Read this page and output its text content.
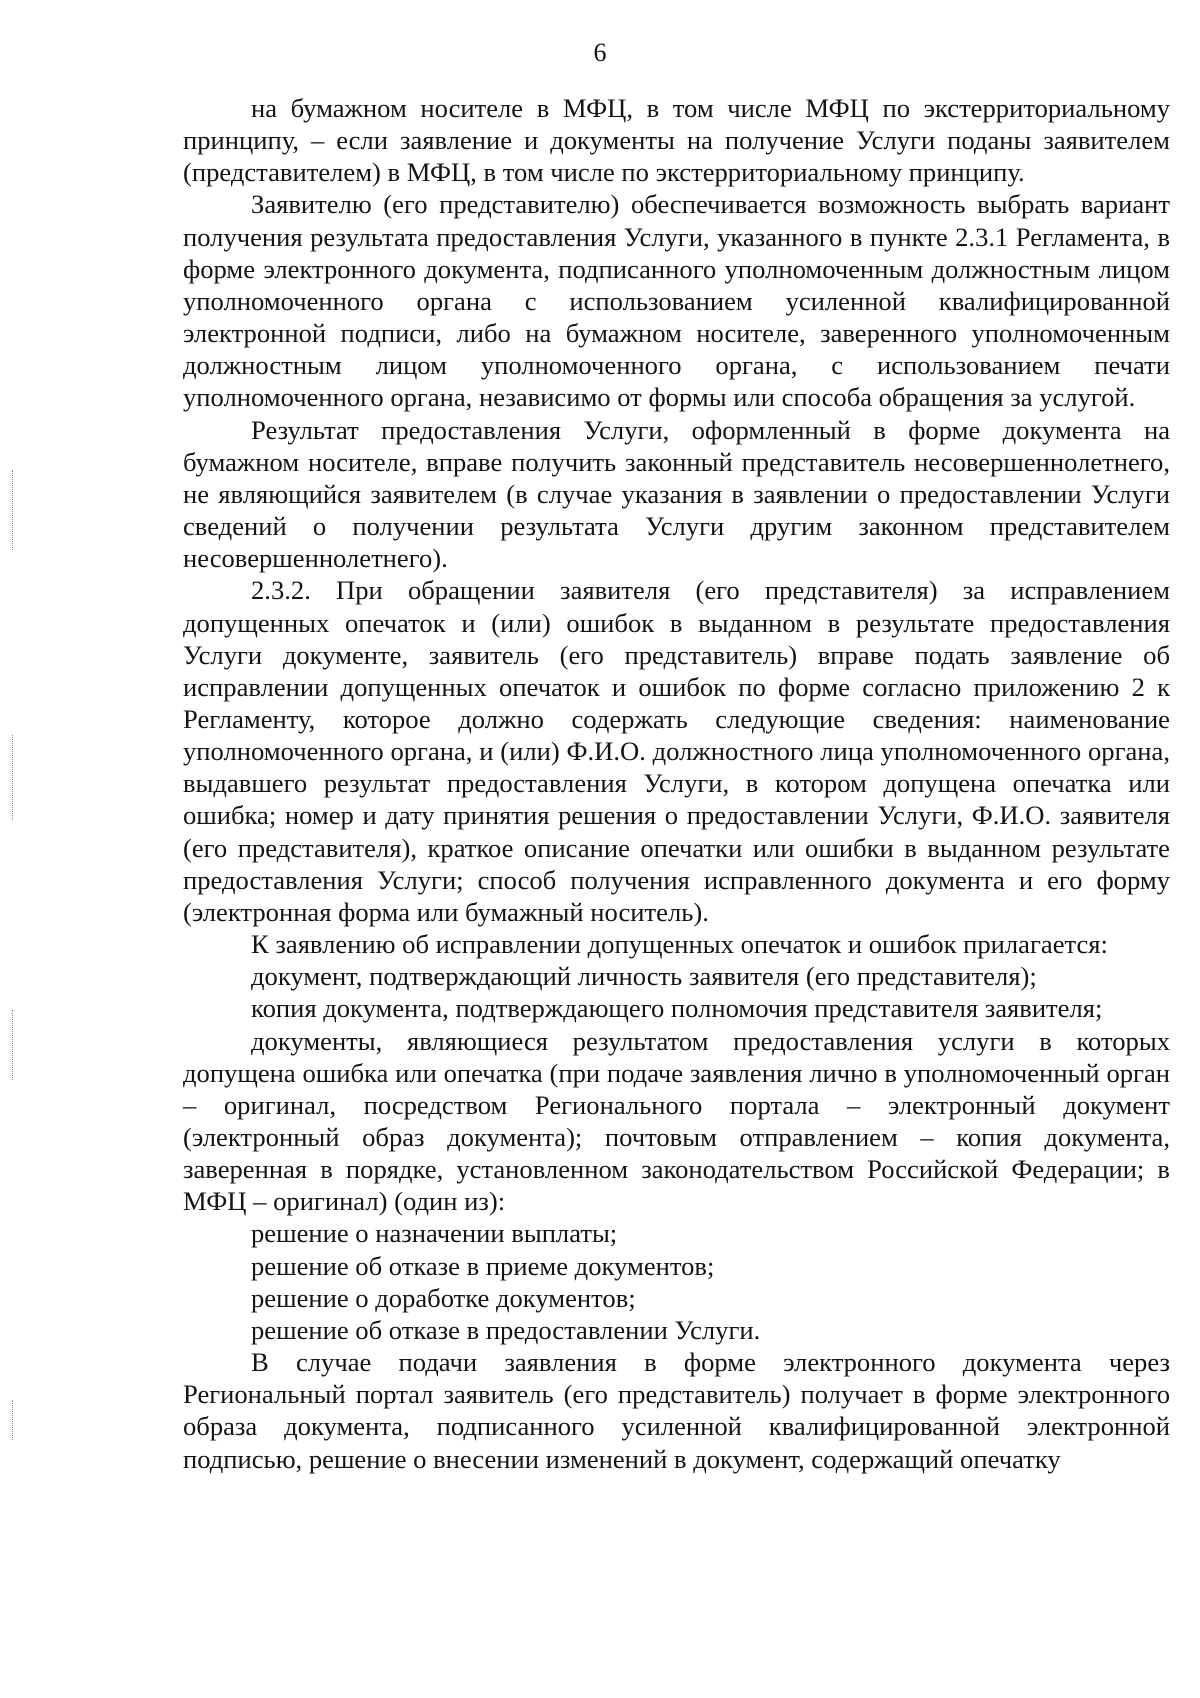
6

на бумажном носителе в МФЦ, в том числе МФЦ по экстерриториальному принципу, – если заявление и документы на получение Услуги поданы заявителем (представителем) в МФЦ, в том числе по экстерриториальному принципу.

Заявителю (его представителю) обеспечивается возможность выбрать вариант получения результата предоставления Услуги, указанного в пункте 2.3.1 Регламента, в форме электронного документа, подписанного уполномоченным должностным лицом уполномоченного органа с использованием усиленной квалифицированной электронной подписи, либо на бумажном носителе, заверенного уполномоченным должностным лицом уполномоченного органа, с использованием печати уполномоченного органа, независимо от формы или способа обращения за услугой.

Результат предоставления Услуги, оформленный в форме документа на бумажном носителе, вправе получить законный представитель несовершеннолетнего, не являющийся заявителем (в случае указания в заявлении о предоставлении Услуги сведений о получении результата Услуги другим законном представителем несовершеннолетнего).

2.3.2. При обращении заявителя (его представителя) за исправлением допущенных опечаток и (или) ошибок в выданном в результате предоставления Услуги документе, заявитель (его представитель) вправе подать заявление об исправлении допущенных опечаток и ошибок по форме согласно приложению 2 к Регламенту, которое должно содержать следующие сведения: наименование уполномоченного органа, и (или) Ф.И.О. должностного лица уполномоченного органа, выдавшего результат предоставления Услуги, в котором допущена опечатка или ошибка; номер и дату принятия решения о предоставлении Услуги, Ф.И.О. заявителя (его представителя), краткое описание опечатки или ошибки в выданном результате предоставления Услуги; способ получения исправленного документа и его форму (электронная форма или бумажный носитель).

К заявлению об исправлении допущенных опечаток и ошибок прилагается:

документ, подтверждающий личность заявителя (его представителя);

копия документа, подтверждающего полномочия представителя заявителя;

документы, являющиеся результатом предоставления услуги в которых допущена ошибка или опечатка (при подаче заявления лично в уполномоченный орган – оригинал, посредством Регионального портала – электронный документ (электронный образ документа); почтовым отправлением – копия документа, заверенная в порядке, установленном законодательством Российской Федерации; в МФЦ – оригинал) (один из):

решение о назначении выплаты;

решение об отказе в приеме документов;

решение о доработке документов;

решение об отказе в предоставлении Услуги.

В случае подачи заявления в форме электронного документа через Региональный портал заявитель (его представитель) получает в форме электронного образа документа, подписанного усиленной квалифицированной электронной подписью, решение о внесении изменений в документ, содержащий опечатку
